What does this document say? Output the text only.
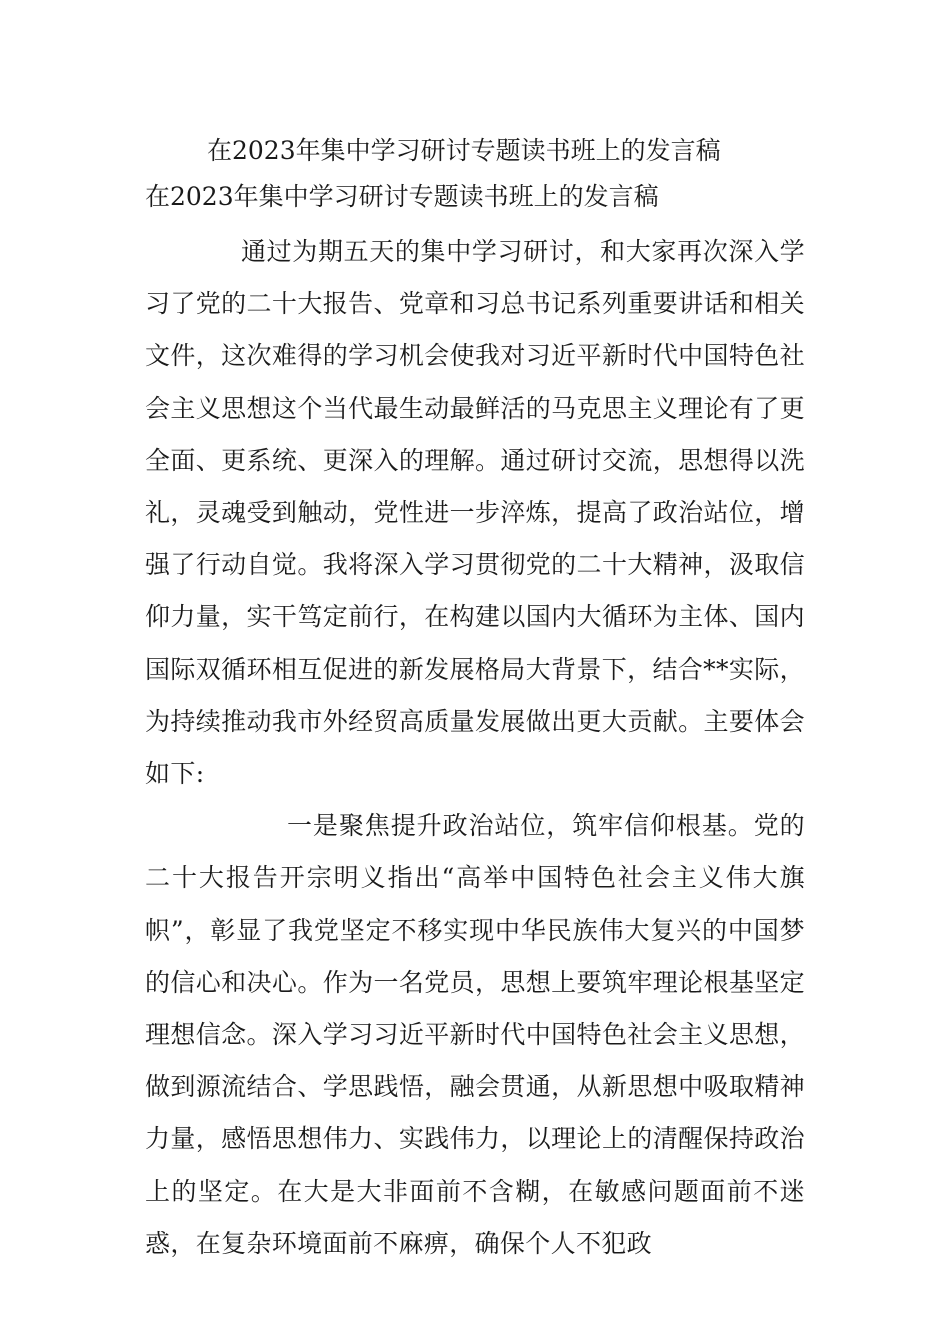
在2023年集中学习研讨专题读书班上的发言稿
在2023年集中学习研讨专题读书班上的发言稿

通过为期五天的集中学习研讨，和大家再次深入学习了党的二十大报告、党章和习总书记系列重要讲话和相关文件，这次难得的学习机会使我对习近平新时代中国特色社会主义思想这个当代最生动最鲜活的马克思主义理论有了更全面、更系统、更深入的理解。通过研讨交流，思想得以洗礼，灵魂受到触动，党性进一步淬炼，提高了政治站位，增强了行动自觉。我将深入学习贯彻党的二十大精神，汲取信仰力量，实干笃定前行，在构建以国内大循环为主体、国内国际双循环相互促进的新发展格局大背景下，结合**实际，为持续推动我市外经贸高质量发展做出更大贡献。主要体会如下:

一是聚焦提升政治站位，筑牢信仰根基。党的二十大报告开宗明义指出“高举中国特色社会主义伟大旗帜”，彰显了我党坚定不移实现中华民族伟大复兴的中国梦的信心和决心。作为一名党员，思想上要筑牢理论根基坚定理想信念。深入学习习近平新时代中国特色社会主义思想，做到源流结合、学思践悟，融会贯通，从新思想中吸取精神力量，感悟思想伟力、实践伟力，以理论上的清醒保持政治上的坚定。在大是大非面前不含糊，在敏感问题面前不迷惑，在复杂环境面前不麻痹，确保个人不犯政
